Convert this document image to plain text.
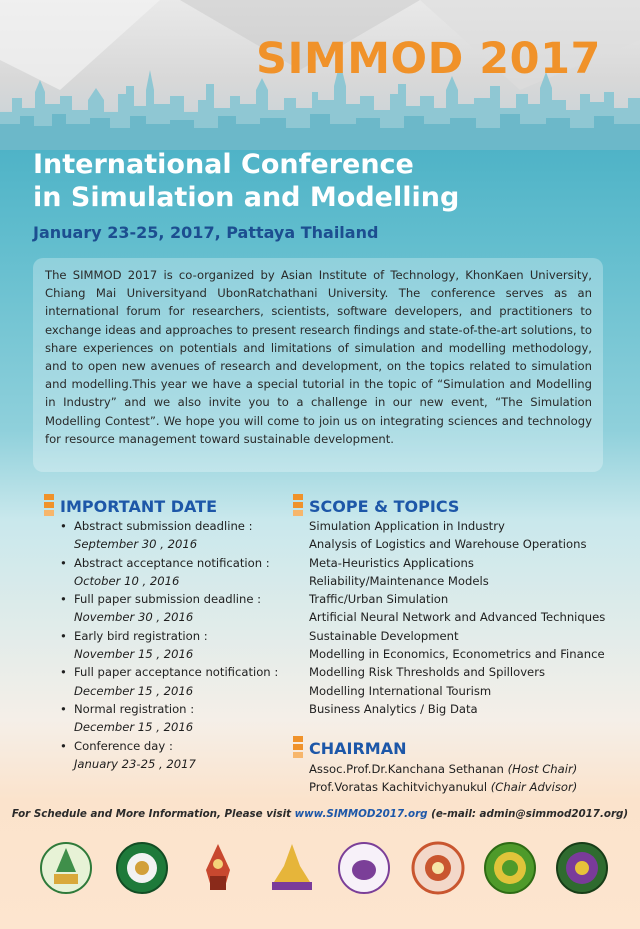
SIMMOD 2017
International Conference
in Simulation and Modelling
January 23-25, 2017, Pattaya Thailand
The SIMMOD 2017 is co-organized by Asian Institute of Technology, KhonKaen University, Chiang Mai Universityand UbonRatchathani University. The conference serves as an international forum for researchers, scientists, software developers, and practitioners to exchange ideas and approaches to present research findings and state-of-the-art solutions, to share experiences on potentials and limitations of simulation and modelling methodology, and to open new avenues of research and development, on the topics related to simulation and modelling.This year we have a special tutorial in the topic of “Simulation and Modelling in Industry” and we also invite you to a challenge in our new event, “The Simulation Modelling Contest”. We hope you will come to join us on integrating sciences and technology for resource management toward sustainable development.
IMPORTANT DATE
• Abstract submission deadline :
September 30 , 2016
• Abstract acceptance notification :
October 10 , 2016
• Full paper submission deadline :
November 30 , 2016
• Early bird registration :
November 15 , 2016
• Full paper acceptance notification :
December 15 , 2016
• Normal registration :
December 15 , 2016
• Conference day :
January 23-25 , 2017
SCOPE & TOPICS
Simulation Application in Industry
Analysis of Logistics and Warehouse Operations
Meta-Heuristics Applications
Reliability/Maintenance Models
Traffic/Urban Simulation
Artificial Neural Network and Advanced Techniques
Sustainable Development
Modelling in Economics, Econometrics and Finance
Modelling Risk Thresholds and Spillovers
Modelling International Tourism
Business Analytics / Big Data
CHAIRMAN
Assoc.Prof.Dr.Kanchana Sethanan (Host Chair)
Prof.Voratas Kachitvichyanukul (Chair Advisor)
For Schedule and More Information, Please visit www.SIMMOD2017.org (e-mail: admin@simmod2017.org)
